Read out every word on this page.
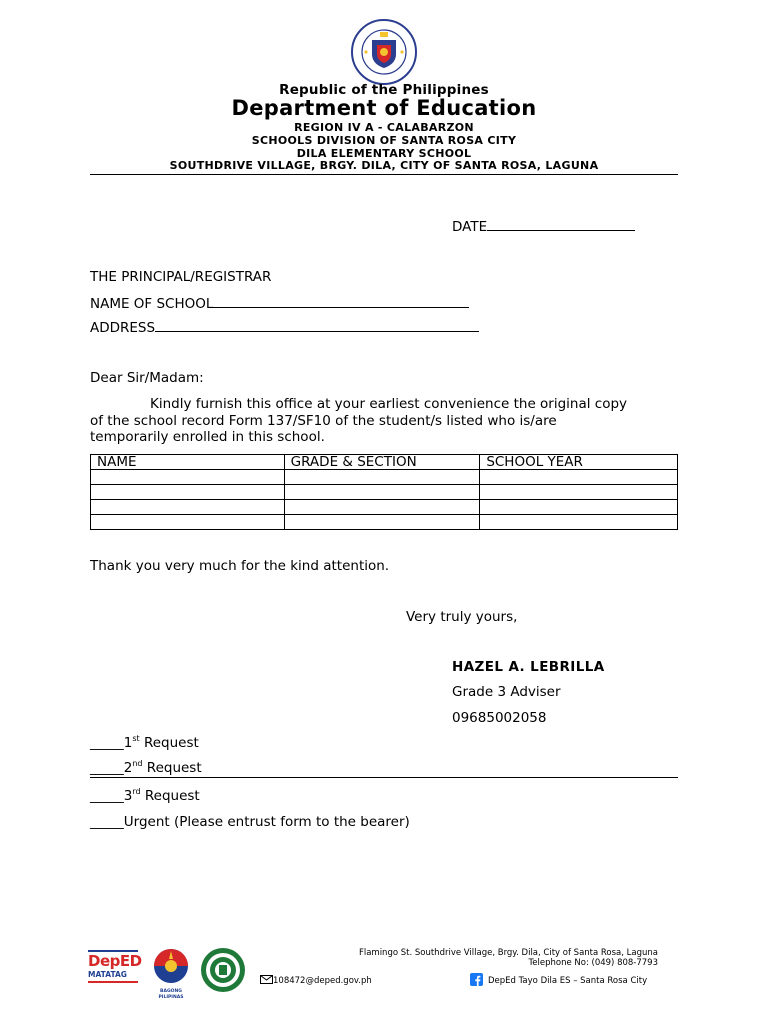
Republic of the Philippines
Department of Education
REGION IV A - CALABARZON
SCHOOLS DIVISION OF SANTA ROSA CITY
DILA ELEMENTARY SCHOOL
SOUTHDRIVE VILLAGE, BRGY. DILA, CITY OF SANTA ROSA, LAGUNA
DATE
THE PRINCIPAL/REGISTRAR
NAME OF SCHOOL
ADDRESS
Dear Sir/Madam:
Kindly furnish this office at your earliest convenience the original copy
of the school record Form 137/SF10 of the student/s listed who is/are
temporarily enrolled in this school.
NAME	GRADE & SECTION	SCHOOL YEAR

Thank you very much for the kind attention.
Very truly yours,
HAZEL A. LEBRILLA
Grade 3 Adviser
09685002058
_____1st Request
_____2nd Request
_____3rd Request
_____Urgent (Please entrust form to the bearer)
DepED
MATATAG
BAGONG PILIPINAS
Flamingo St. Southdrive Village, Brgy. Dila, City of Santa Rosa, Laguna
Telephone No: (049) 808-7793
108472@deped.gov.ph	DepEd Tayo Dila ES – Santa Rosa City
